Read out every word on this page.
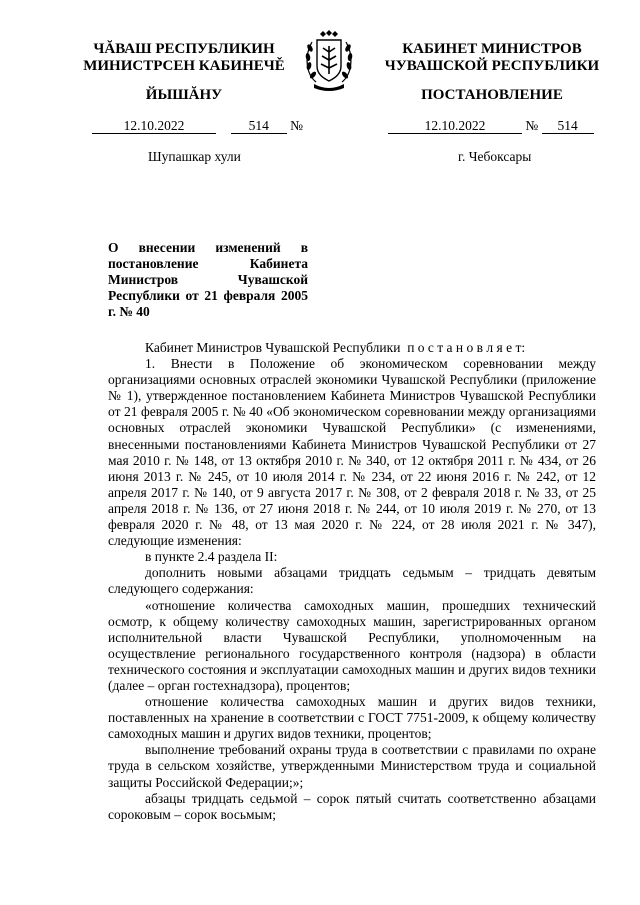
ЧĂВАШ РЕСПУБЛИКИН
МИНИСТРСЕН КАБИНЕЧĚ
ЙЫШĂНУ
КАБИНЕТ МИНИСТРОВ
ЧУВАШСКОЙ РЕСПУБЛИКИ
ПОСТАНОВЛЕНИЕ
12.10.2022	514 №	12.10.2022	№ 514
Шупашкар хули	г. Чебоксары
О внесении изменений в постановление Кабинета Министров Чувашской Республики от 21 февраля 2005 г. № 40

Кабинет Министров Чувашской Республики п о с т а н о в л я е т:

1. Внести в Положение об экономическом соревновании между организациями основных отраслей экономики Чувашской Республики (приложение № 1), утвержденное постановлением Кабинета Министров Чувашской Республики от 21 февраля 2005 г. № 40 «Об экономическом соревновании между организациями основных отраслей экономики Чувашской Республики» (с изменениями, внесенными постановлениями Кабинета Министров Чувашской Республики от 27 мая 2010 г. № 148, от 13 октября 2010 г. № 340, от 12 октября 2011 г. № 434, от 26 июня 2013 г. № 245, от 10 июля 2014 г. № 234, от 22 июня 2016 г. № 242, от 12 апреля 2017 г. № 140, от 9 августа 2017 г. № 308, от 2 февраля 2018 г. № 33, от 25 апреля 2018 г. № 136, от 27 июня 2018 г. № 244, от 10 июля 2019 г. № 270, от 13 февраля 2020 г. № 48, от 13 мая 2020 г. № 224, от 28 июля 2021 г. № 347), следующие изменения:

в пункте 2.4 раздела II:

дополнить новыми абзацами тридцать седьмым – тридцать девятым следующего содержания:

«отношение количества самоходных машин, прошедших технический осмотр, к общему количеству самоходных машин, зарегистрированных органом исполнительной власти Чувашской Республики, уполномоченным на осуществление регионального государственного контроля (надзора) в области технического состояния и эксплуатации самоходных машин и других видов техники (далее – орган гостехнадзора), процентов;

отношение количества самоходных машин и других видов техники, поставленных на хранение в соответствии с ГОСТ 7751-2009, к общему количеству самоходных машин и других видов техники, процентов;

выполнение требований охраны труда в соответствии с правилами по охране труда в сельском хозяйстве, утвержденными Министерством труда и социальной защиты Российской Федерации;»;

абзацы тридцать седьмой – сорок пятый считать соответственно абзацами сороковым – сорок восьмым;
